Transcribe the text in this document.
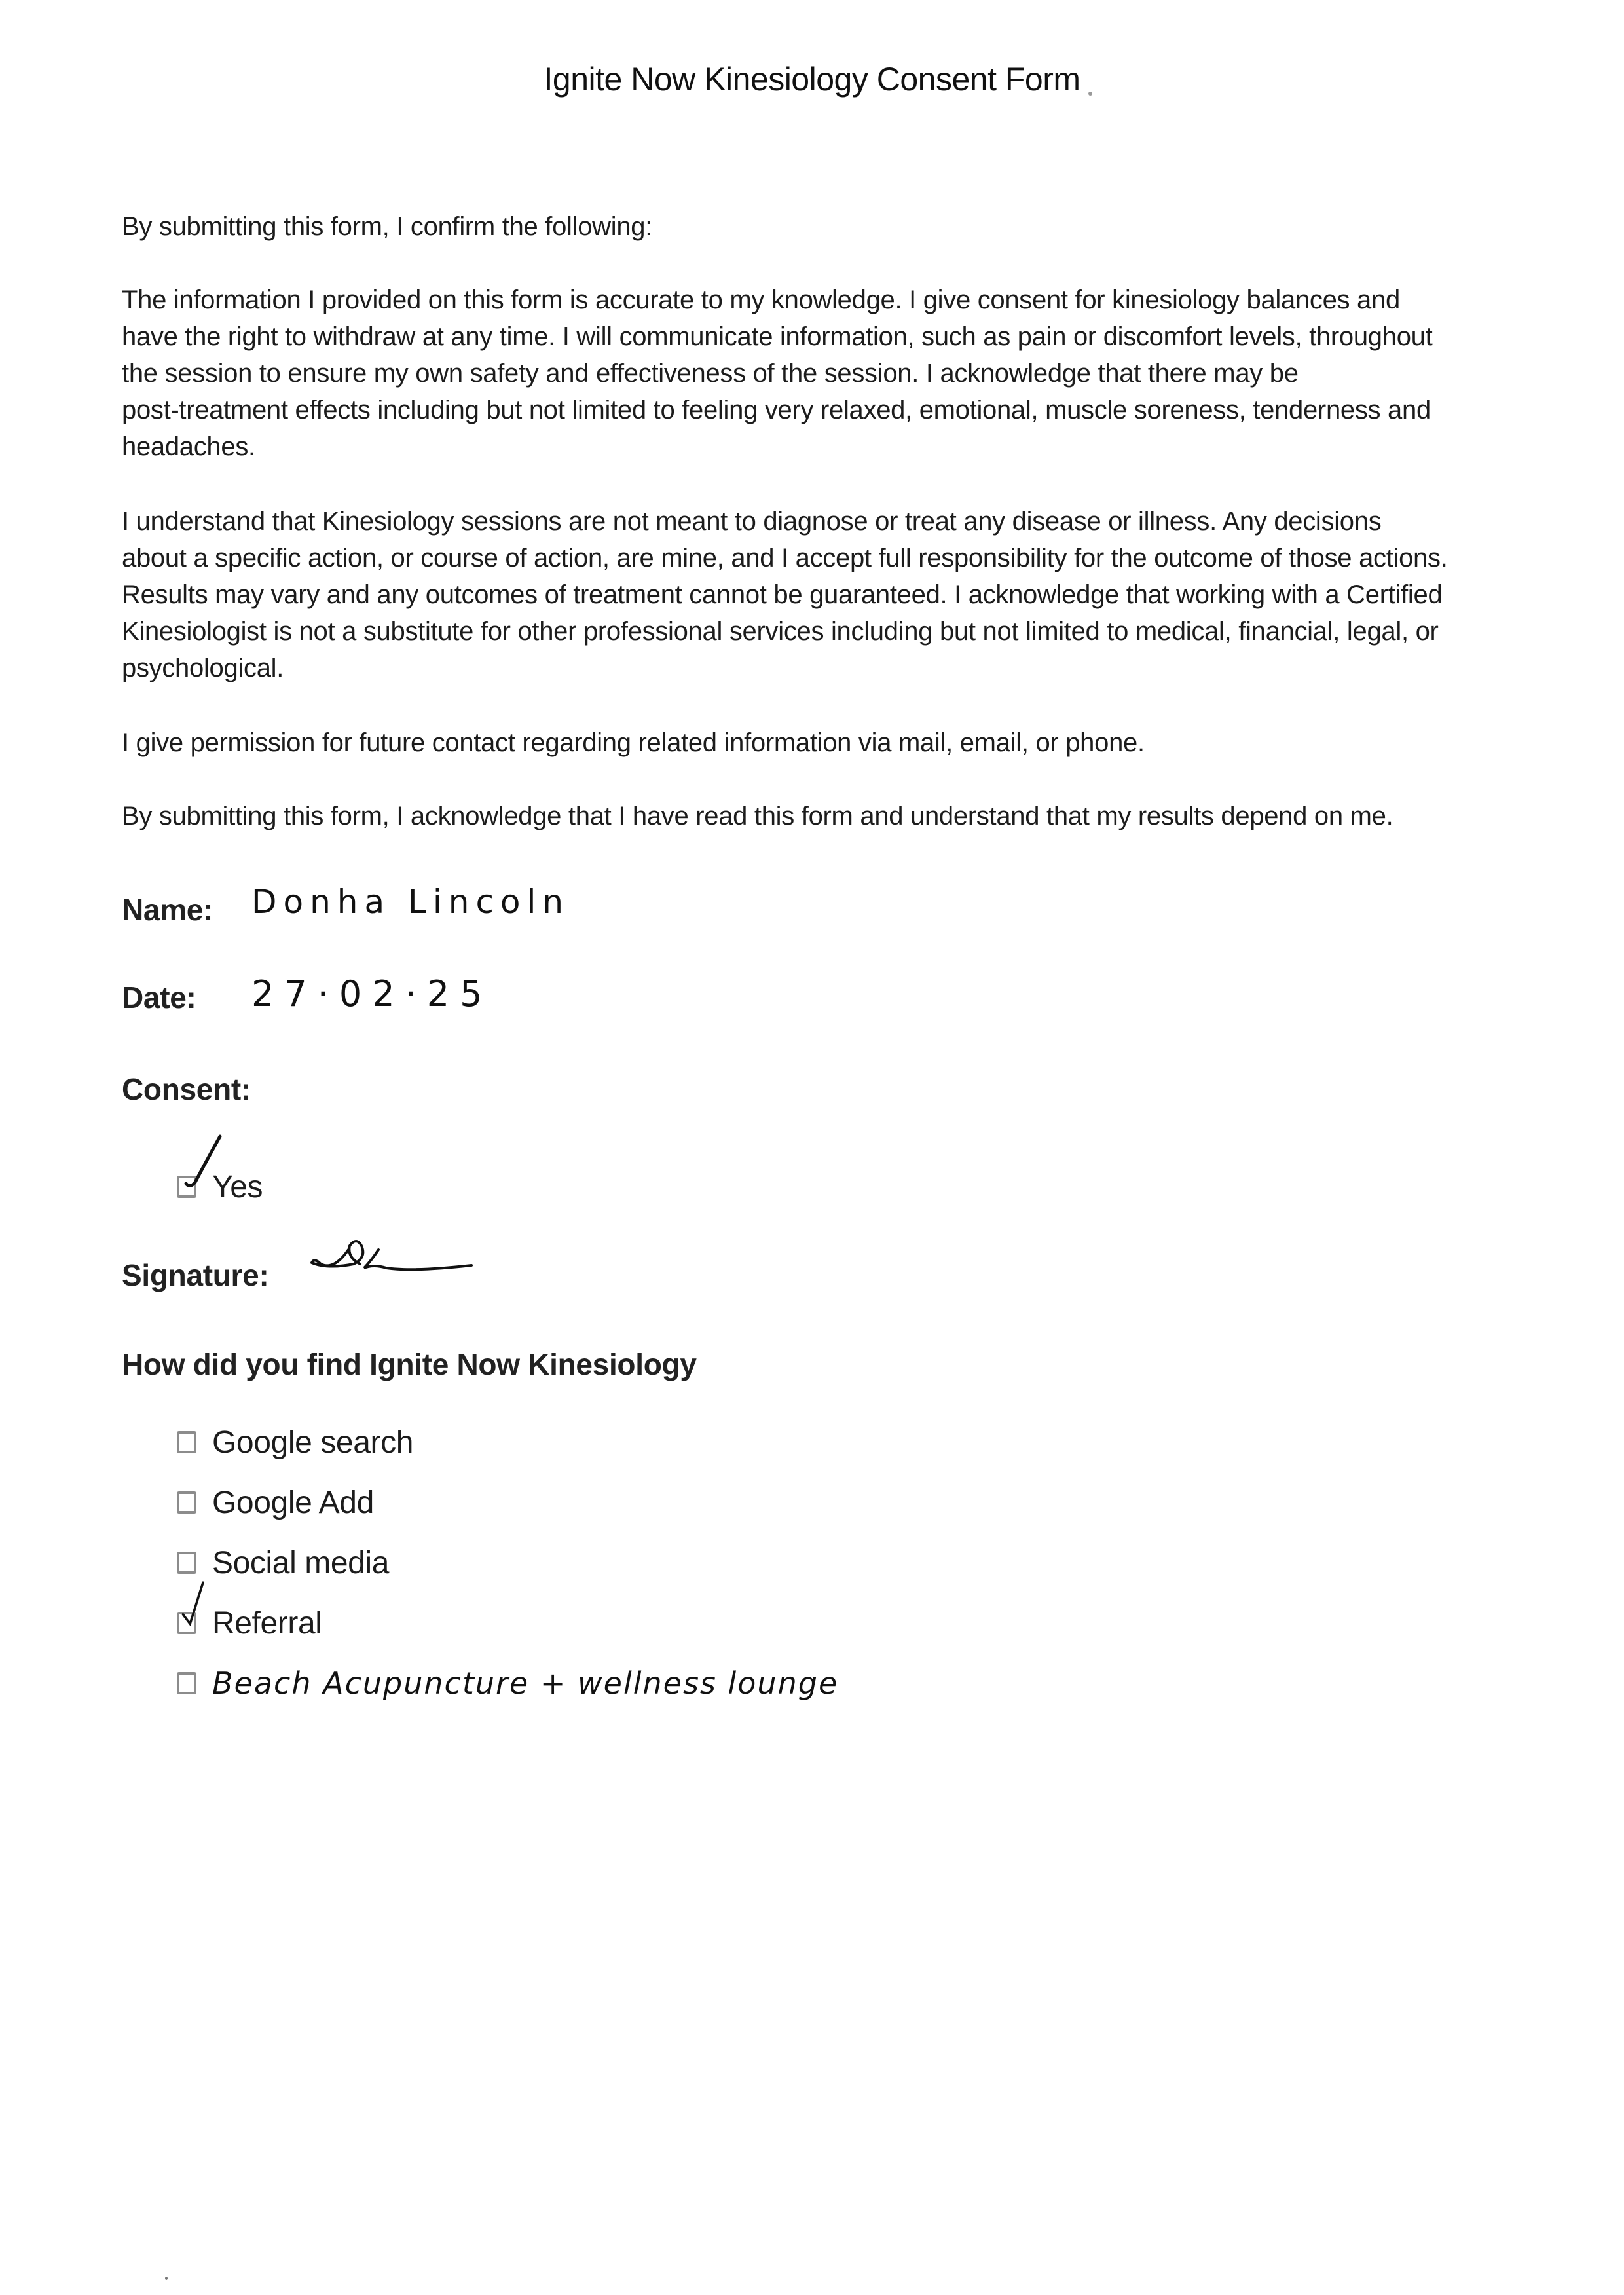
Ignite Now Kinesiology Consent Form
By submitting this form, I confirm the following:
The information I provided on this form is accurate to my knowledge. I give consent for kinesiology balances and
have the right to withdraw at any time. I will communicate information, such as pain or discomfort levels, throughout
the session to ensure my own safety and effectiveness of the session. I acknowledge that there may be
post-treatment effects including but not limited to feeling very relaxed, emotional, muscle soreness, tenderness and
headaches.
I understand that Kinesiology sessions are not meant to diagnose or treat any disease or illness. Any decisions
about a specific action, or course of action, are mine, and I accept full responsibility for the outcome of those actions.
Results may vary and any outcomes of treatment cannot be guaranteed. I acknowledge that working with a Certified
Kinesiologist is not a substitute for other professional services including but not limited to medical, financial, legal, or
psychological.
I give permission for future contact regarding related information via mail, email, or phone.
By submitting this form, I acknowledge that I have read this form and understand that my results depend on me.
Name: Donha Lincoln
Date: 27·02·25
Consent:
Yes
Signature:
How did you find Ignite Now Kinesiology
Google search
Google Add
Social media
Referral
Beach Acupuncture + wellness lounge
